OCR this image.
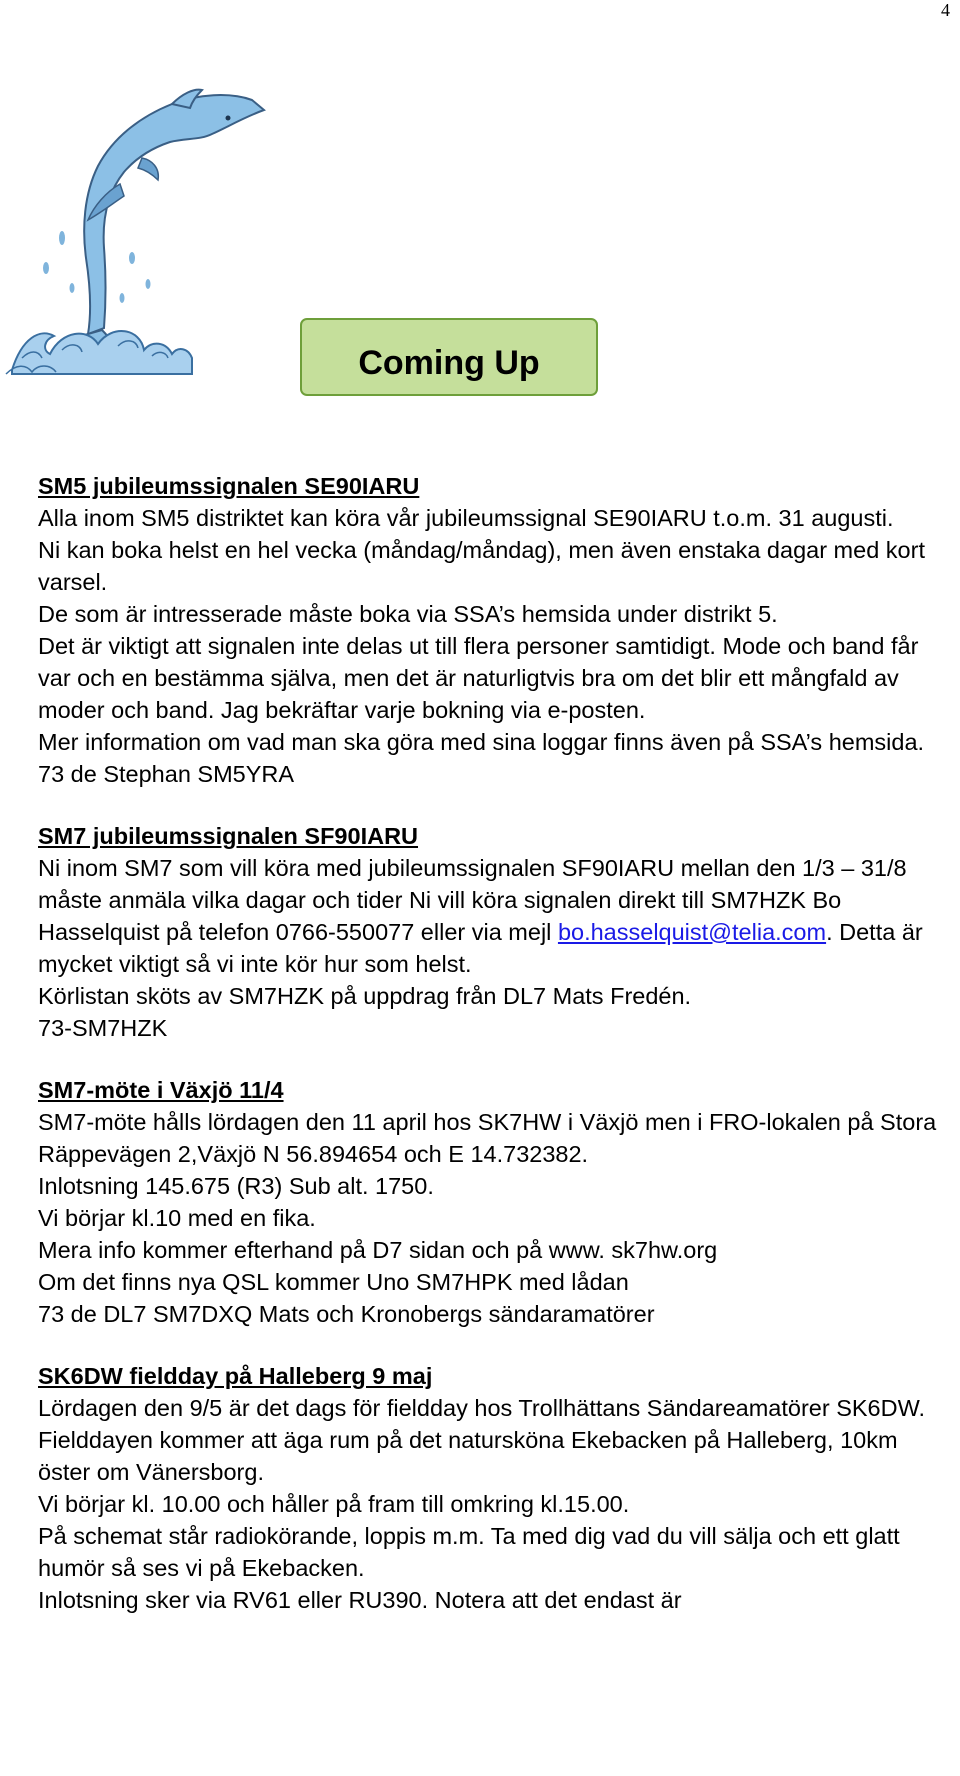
4
Coming Up
SM5 jubileumssignalen SE90IARU

Alla inom SM5 distriktet kan köra vår jubileumssignal SE90IARU t.o.m. 31 augusti.

Ni kan boka helst en hel vecka (måndag/måndag), men även enstaka dagar med kort varsel.

De som är intresserade måste boka via SSA’s hemsida under distrikt 5.

Det är viktigt att signalen inte delas ut till flera personer samtidigt. Mode och band får var och en bestämma själva, men det är naturligtvis bra om det blir ett mångfald av moder och band. Jag bekräftar varje bokning via e-posten.

Mer information om vad man ska göra med sina loggar finns även på SSA’s hemsida.

73 de Stephan SM5YRA

SM7 jubileumssignalen SF90IARU

Ni inom SM7 som vill köra med jubileumssignalen SF90IARU mellan den 1/3 – 31/8 måste anmäla vilka dagar och tider Ni vill köra signalen direkt till SM7HZK Bo Hasselquist på telefon 0766-550077 eller via mejl bo.hasselquist@telia.com. Detta är mycket viktigt så vi inte kör hur som helst.

Körlistan sköts av SM7HZK på uppdrag från DL7 Mats Fredén.

73-SM7HZK

SM7-möte i Växjö 11/4

SM7-möte hålls lördagen den 11 april hos SK7HW i Växjö men i FRO-lokalen på Stora Räppevägen 2,Växjö N 56.894654 och E 14.732382.

Inlotsning 145.675 (R3) Sub alt. 1750.

Vi börjar kl.10 med en fika.

Mera info kommer efterhand på D7 sidan och på www. sk7hw.org

Om det finns nya QSL kommer Uno SM7HPK med lådan

73 de DL7 SM7DXQ Mats och Kronobergs sändaramatörer

SK6DW fieldday på Halleberg 9 maj

Lördagen den 9/5 är det dags för fieldday hos Trollhättans Sändareamatörer SK6DW.

Fielddayen kommer att äga rum på det natursköna Ekebacken på Halleberg, 10km öster om Vänersborg.

Vi börjar kl. 10.00 och håller på fram till omkring kl.15.00.

På schemat står radiokörande, loppis m.m. Ta med dig vad du vill sälja och ett glatt humör så ses vi på Ekebacken.

Inlotsning sker via RV61 eller RU390. Notera att det endast är
